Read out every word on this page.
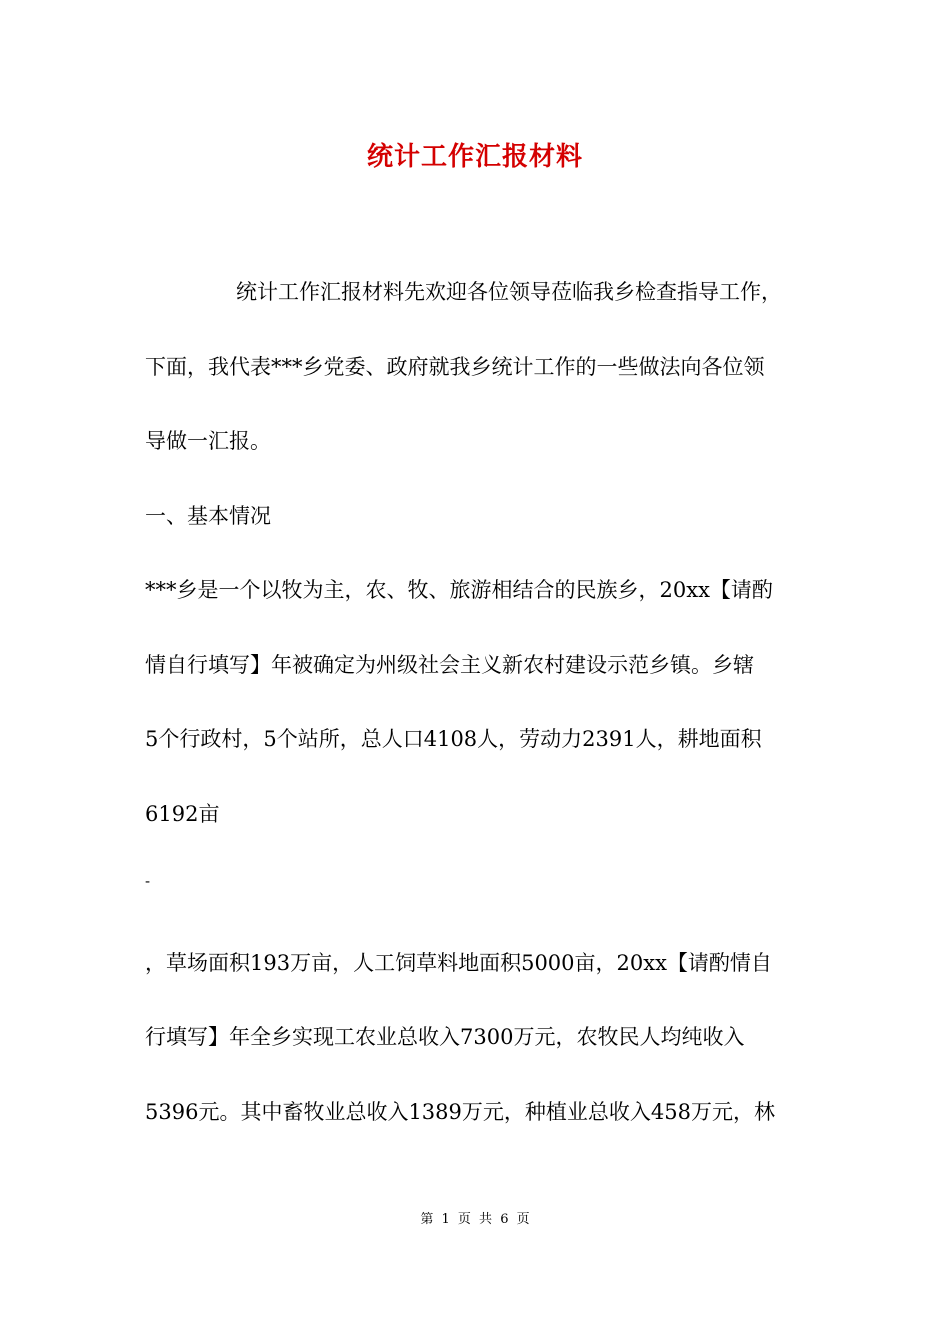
统计工作汇报材料
统计工作汇报材料先欢迎各位领导莅临我乡检查指导工作，
下面，我代表***乡党委、政府就我乡统计工作的一些做法向各位领
导做一汇报。
一、基本情况
***乡是一个以牧为主，农、牧、旅游相结合的民族乡，20xx【请酌
情自行填写】年被确定为州级社会主义新农村建设示范乡镇。乡辖
5个行政村，5个站所，总人口4108人，劳动力2391人，耕地面积
6192亩
-
，草场面积193万亩，人工饲草料地面积5000亩，20xx【请酌情自
行填写】年全乡实现工农业总收入7300万元，农牧民人均纯收入
5396元。其中畜牧业总收入1389万元，种植业总收入458万元，林
第 1 页 共 6 页
